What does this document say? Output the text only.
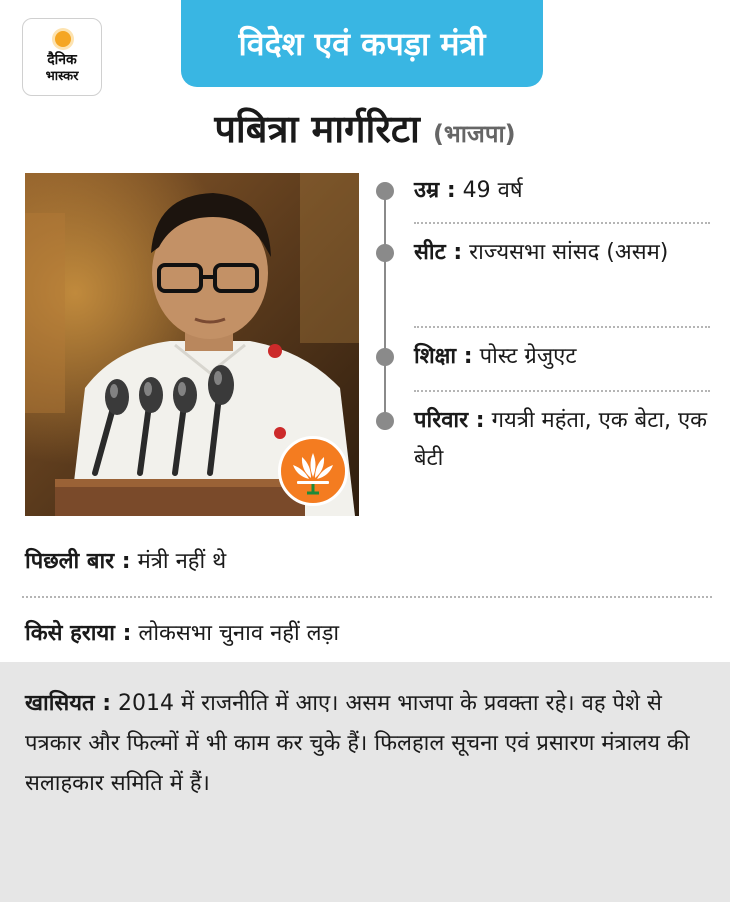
दैनिक
भास्कर
विदेश एवं कपड़ा मंत्री
पबित्रा मार्गरिटा (भाजपा)
उम्र : 49 वर्ष
सीट : राज्यसभा सांसद (असम)
शिक्षा : पोस्ट ग्रेजुएट
परिवार : गयत्री महंता, एक बेटा, एक बेटी
पिछली बार : मंत्री नहीं थे
किसे हराया : लोकसभा चुनाव नहीं लड़ा
खासियत : 2014 में राजनीति में आए। असम भाजपा के प्रवक्ता रहे। वह पेशे से पत्रकार और फिल्मों में भी काम कर चुके हैं। फिलहाल सूचना एवं प्रसारण मंत्रालय की सलाहकार समिति में हैं।
